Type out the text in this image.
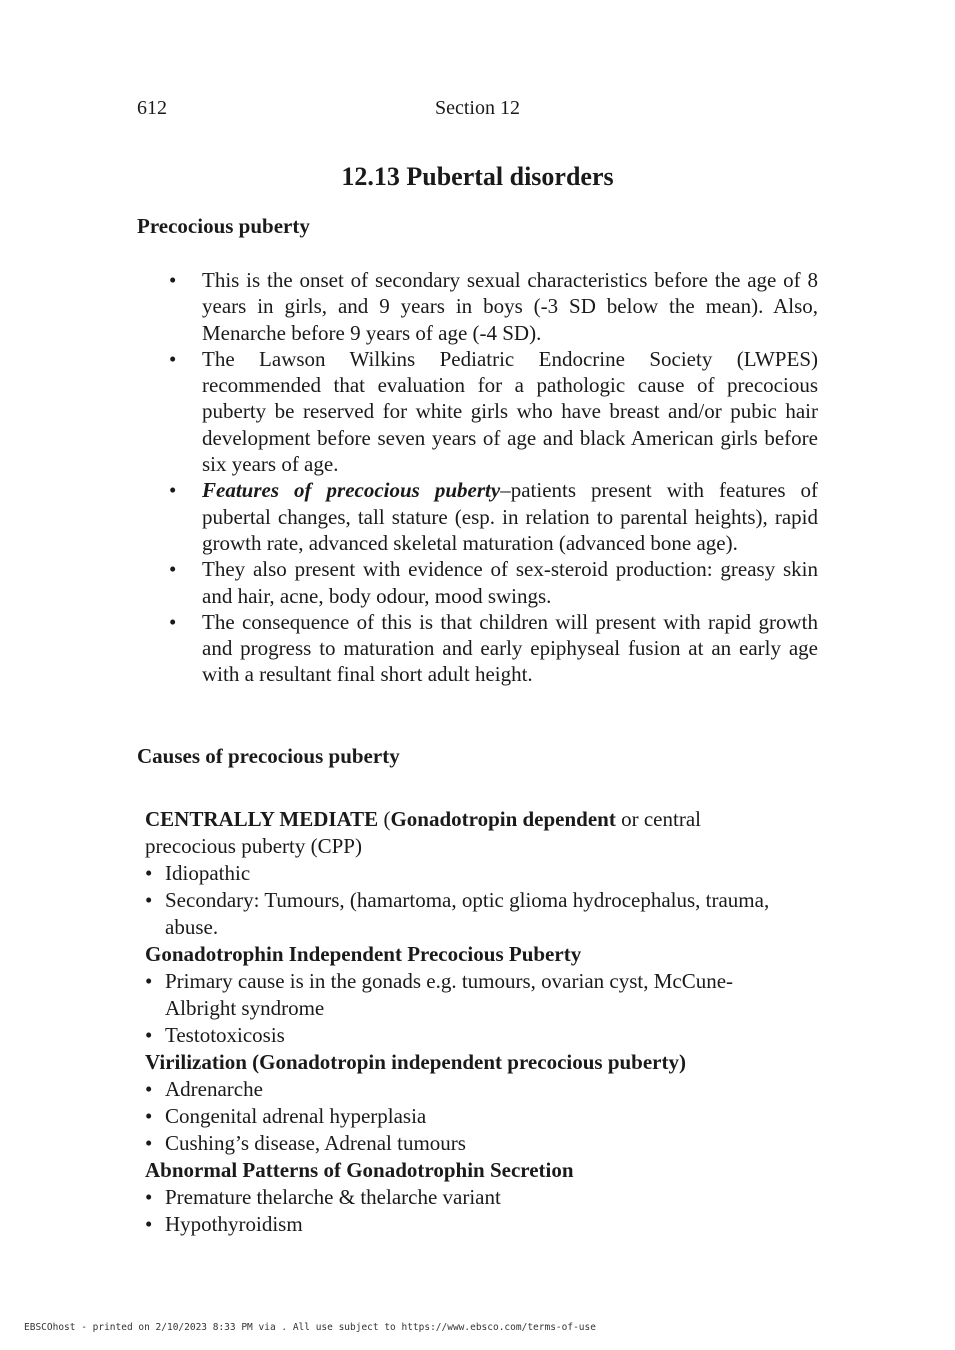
612	Section 12
12.13 Pubertal disorders
Precocious puberty
• This is the onset of secondary sexual characteristics before the age of 8 years in girls, and 9 years in boys (-3 SD below the mean). Also, Menarche before 9 years of age (-4 SD).
• The Lawson Wilkins Pediatric Endocrine Society (LWPES) recommended that evaluation for a pathologic cause of precocious puberty be reserved for white girls who have breast and/or pubic hair development before seven years of age and black American girls before six years of age.
• Features of precocious puberty–patients present with features of pubertal changes, tall stature (esp. in relation to parental heights), rapid growth rate, advanced skeletal maturation (advanced bone age).
• They also present with evidence of sex-steroid production: greasy skin and hair, acne, body odour, mood swings.
• The consequence of this is that children will present with rapid growth and progress to maturation and early epiphyseal fusion at an early age with a resultant final short adult height.
Causes of precocious puberty
CENTRALLY MEDIATE (Gonadotropin dependent or central precocious puberty (CPP)
• Idiopathic
• Secondary: Tumours, (hamartoma, optic glioma hydrocephalus, trauma, abuse.
Gonadotrophin Independent Precocious Puberty
• Primary cause is in the gonads e.g. tumours, ovarian cyst, McCune-Albright syndrome
• Testotoxicosis
Virilization (Gonadotropin independent precocious puberty)
• Adrenarche
• Congenital adrenal hyperplasia
• Cushing’s disease, Adrenal tumours
Abnormal Patterns of Gonadotrophin Secretion
• Premature thelarche & thelarche variant
• Hypothyroidism
EBSCOhost - printed on 2/10/2023 8:33 PM via . All use subject to https://www.ebsco.com/terms-of-use
